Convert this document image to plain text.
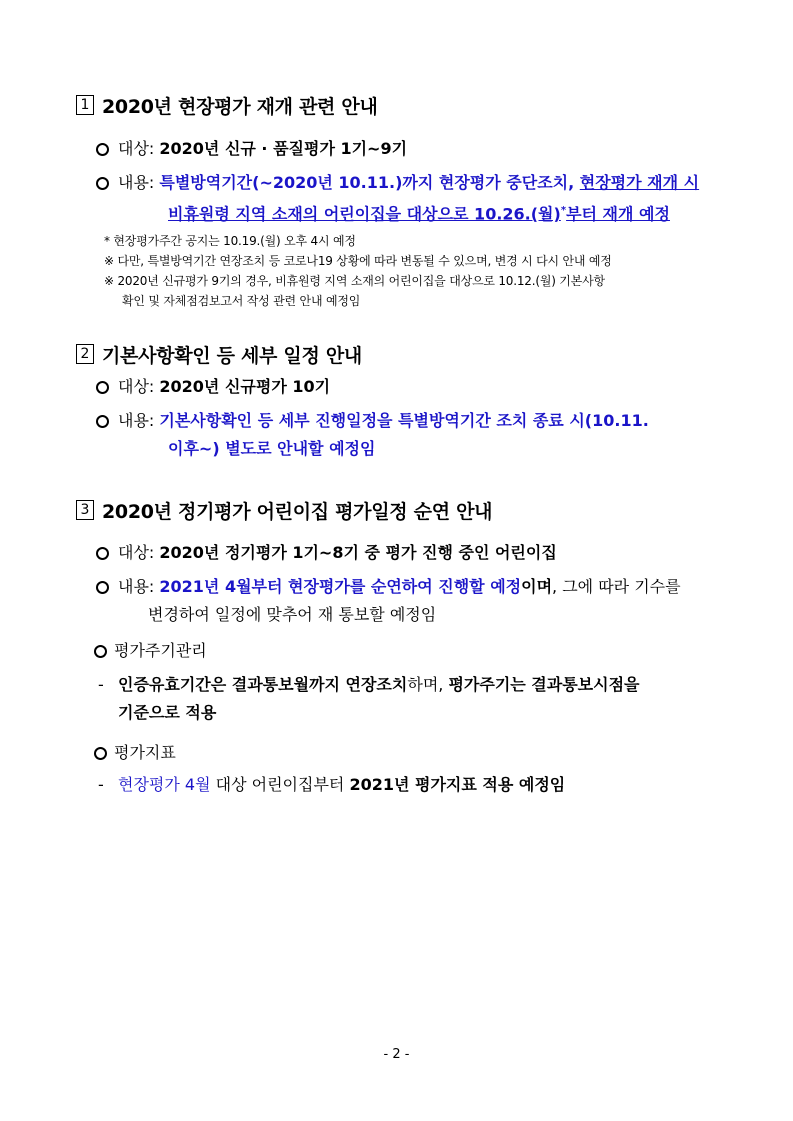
1 2020년 현장평가 재개 관련 안내
대상: 2020년 신규 · 품질평가 1기~9기
내용: 특별방역기간(~2020년 10.11.)까지 현장평가 중단조치, 현장평가 재개 시
비휴원령 지역 소재의 어린이집을 대상으로 10.26.(월)*부터 재개 예정
* 현장평가주간 공지는 10.19.(월) 오후 4시 예정
※ 다만, 특별방역기간 연장조치 등 코로나19 상황에 따라 변동될 수 있으며, 변경 시 다시 안내 예정
※ 2020년 신규평가 9기의 경우, 비휴원령 지역 소재의 어린이집을 대상으로 10.12.(월) 기본사항
확인 및 자체점검보고서 작성 관련 안내 예정임
2 기본사항확인 등 세부 일정 안내
대상: 2020년 신규평가 10기
내용: 기본사항확인 등 세부 진행일정을 특별방역기간 조치 종료 시(10.11.
이후~) 별도로 안내할 예정임
3 2020년 정기평가 어린이집 평가일정 순연 안내
대상: 2020년 정기평가 1기~8기 중 평가 진행 중인 어린이집
내용: 2021년 4월부터 현장평가를 순연하여 진행할 예정이며, 그에 따라 기수를
변경하여 일정에 맞추어 재 통보할 예정임
평가주기관리
- 인증유효기간은 결과통보월까지 연장조치하며, 평가주기는 결과통보시점을
기준으로 적용
평가지표
- 현장평가 4월 대상 어린이집부터 2021년 평가지표 적용 예정임
- 2 -
